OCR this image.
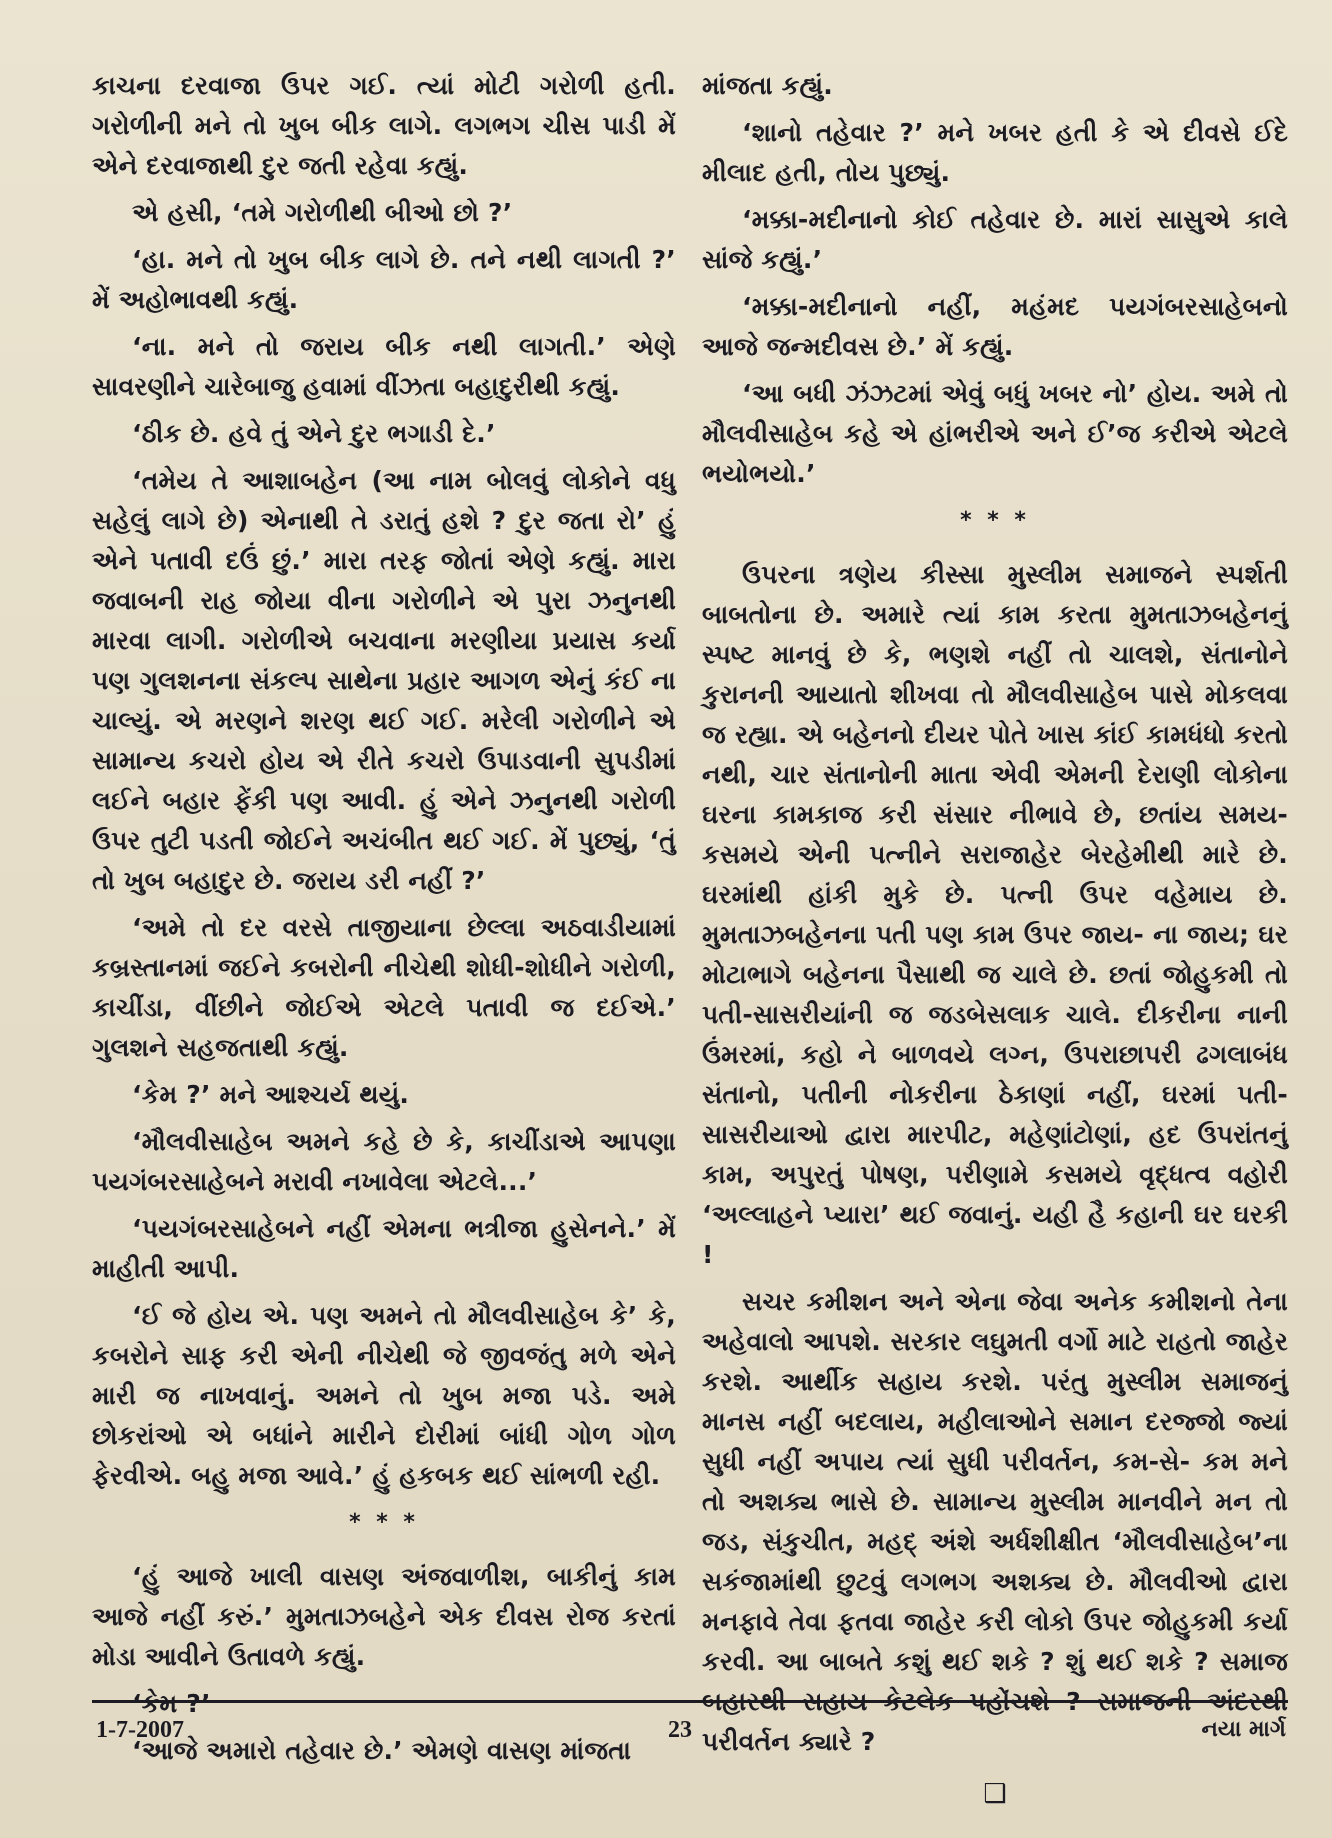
કાચના દરવાજા ઉપર ગઈ. ત્યાં મોટી ગરોળી હતી. ગરોળીની મને તો ખુબ બીક લાગે. લગભગ ચીસ પાડી મેં એને દરવાજાથી દુર જતી રહેવા કહ્યું.

એ હસી, ‘તમે ગરોળીથી બીઓ છો ?’

‘હા. મને તો ખુબ બીક લાગે છે. તને નથી લાગતી ?’ મેં અહોભાવથી કહ્યું.

‘ના. મને તો જરાય બીક નથી લાગતી.’ એણે સાવરણીને ચારેબાજુ હવામાં વીંઝતા બહાદુરીથી કહ્યું.

‘ઠીક છે. હવે તું એને દુર ભગાડી દે.’

‘તમેય તે આશાબહેન (આ નામ બોલવું લોકોને વધુ સહેલું લાગે છે) એનાથી તે ડરાતું હશે ? દુર જતા રો’ હું એને પતાવી દઉં છું.’ મારા તરફ જોતાં એણે કહ્યું. મારા જવાબની રાહ જોયા વીના ગરોળીને એ પુરા ઝનુનથી મારવા લાગી. ગરોળીએ બચવાના મરણીયા પ્રયાસ કર્યા પણ ગુલશનના સંકલ્પ સાથેના પ્રહાર આગળ એનું કંઈ ના ચાલ્યું. એ મરણને શરણ થઈ ગઈ. મરેલી ગરોળીને એ સામાન્ય કચરો હોય એ રીતે કચરો ઉપાડવાની સુપડીમાં લઈને બહાર ફેંકી પણ આવી. હું એને ઝનુનથી ગરોળી ઉપર તુટી પડતી જોઈને અચંબીત થઈ ગઈ. મેં પુછ્યું, ‘તું તો ખુબ બહાદુર છે. જરાય ડરી નહીં ?’

‘અમે તો દર વરસે તાજીયાના છેલ્લા અઠવાડીયામાં કબ્રસ્તાનમાં જઈને કબરોની નીચેથી શોધી-શોધીને ગરોળી, કાચીંડા, વીંછીને જોઈએ એટલે પતાવી જ દઈએ.’ ગુલશને સહજતાથી કહ્યું.

‘કેમ ?’ મને આશ્ચર્ય થયું.

‘મૌલવીસાહેબ અમને કહે છે કે, કાચીંડાએ આપણા પયગંબરસાહેબને મરાવી નખાવેલા એટલે...’

‘પયગંબરસાહેબને નહીં એમના ભત્રીજા હુસેનને.’ મેં માહીતી આપી.

‘ઈ જે હોય એ. પણ અમને તો મૌલવીસાહેબ કે’ કે, કબરોને સાફ કરી એની નીચેથી જે જીવજંતુ મળે એને મારી જ નાખવાનું. અમને તો ખુબ મજા પડે. અમે છોકરાંઓ એ બધાંને મારીને દોરીમાં બાંધી ગોળ ગોળ ફેરવીએ. બહુ મજા આવે.’ હું હકબક થઈ સાંભળી રહી.

* * *

‘હું આજે ખાલી વાસણ અંજવાળીશ, બાકીનું કામ આજે નહીં કરું.’ મુમતાઝબહેને એક દીવસ રોજ કરતાં મોડા આવીને ઉતાવળે કહ્યું.

‘કેમ ?’

‘આજે અમારો તહેવાર છે.’ એમણે વાસણ માંજતા

માંજતા કહ્યું.

‘શાનો તહેવાર ?’ મને ખબર હતી કે એ દીવસે ઈદે મીલાદ હતી, તોય પુછ્યું.

‘મક્કા-મદીનાનો કોઈ તહેવાર છે. મારાં સાસુએ કાલે સાંજે કહ્યું.’

‘મક્કા-મદીનાનો નહીં, મહંમદ પયગંબરસાહેબનો આજે જન્મદીવસ છે.’ મેં કહ્યું.

‘આ બધી ઝંઝટમાં એવું બધું ખબર નો’ હોય. અમે તો મૌલવીસાહેબ કહે એ હાંભરીએ અને ઈ’જ કરીએ એટલે ભયોભયો.’

* * *

ઉપરના ત્રણેય કીસ્સા મુસ્લીમ સમાજને સ્પર્શતી બાબતોના છે. અમારે ત્યાં કામ કરતા મુમતાઝબહેનનું સ્પષ્ટ માનવું છે કે, ભણશે નહીં તો ચાલશે, સંતાનોને કુરાનની આયાતો શીખવા તો મૌલવીસાહેબ પાસે મોકલવા જ રહ્યા. એ બહેનનો દીયર પોતે ખાસ કાંઈ કામધંધો કરતો નથી, ચાર સંતાનોની માતા એવી એમની દેરાણી લોકોના ઘરના કામકાજ કરી સંસાર નીભાવે છે, છતાંય સમય-કસમયે એની પત્નીને સરાજાહેર બેરહેમીથી મારે છે. ઘરમાંથી હાંકી મુકે છે. પત્ની ઉપર વહેમાય છે. મુમતાઝબહેનના પતી પણ કામ ઉપર જાય- ના જાય; ઘર મોટાભાગે બહેનના પૈસાથી જ ચાલે છે. છતાં જોહુકમી તો પતી-સાસરીયાંની જ જડબેસલાક ચાલે. દીકરીના નાની ઉંમરમાં, કહો ને બાળવયે લગ્ન, ઉપરાછાપરી ઢગલાબંધ સંતાનો, પતીની નોકરીના ઠેકાણાં નહીં, ઘરમાં પતી-સાસરીયાઓ દ્વારા મારપીટ, મહેણાંટોણાં, હદ ઉપરાંતનું કામ, અપુરતું પોષણ, પરીણામે કસમયે વૃદ્ધત્વ વહોરી ‘અલ્લાહને પ્યારા’ થઈ જવાનું. યહી હૈ કહાની ઘર ઘરકી !

સચર કમીશન અને એના જેવા અનેક કમીશનો તેના અહેવાલો આપશે. સરકાર લઘુમતી વર્ગો માટે રાહતો જાહેર કરશે. આર્થીક સહાય કરશે. પરંતુ મુસ્લીમ સમાજનું માનસ નહીં બદલાય, મહીલાઓને સમાન દરજ્જો જ્યાં સુધી નહીં અપાય ત્યાં સુધી પરીવર્તન, કમ-સે- કમ મને તો અશક્ય ભાસે છે. સામાન્ય મુસ્લીમ માનવીને મન તો જડ, સંકુચીત, મહદ્ અંશે અર્ધશીક્ષીત ‘મૌલવીસાહેબ’ના સકંજામાંથી છુટવું લગભગ અશક્ય છે. મૌલવીઓ દ્વારા મનફાવે તેવા ફતવા જાહેર કરી લોકો ઉપર જોહુકમી કર્યા કરવી. આ બાબતે કશું થઈ શકે ? શું થઈ શકે ? સમાજ બહારથી સહાય કેટલેક પહોંચશે ? સમાજની અંદરથી પરીવર્તન ક્યારે ?

❑
1-7-2007	23	નયા માર્ગ
